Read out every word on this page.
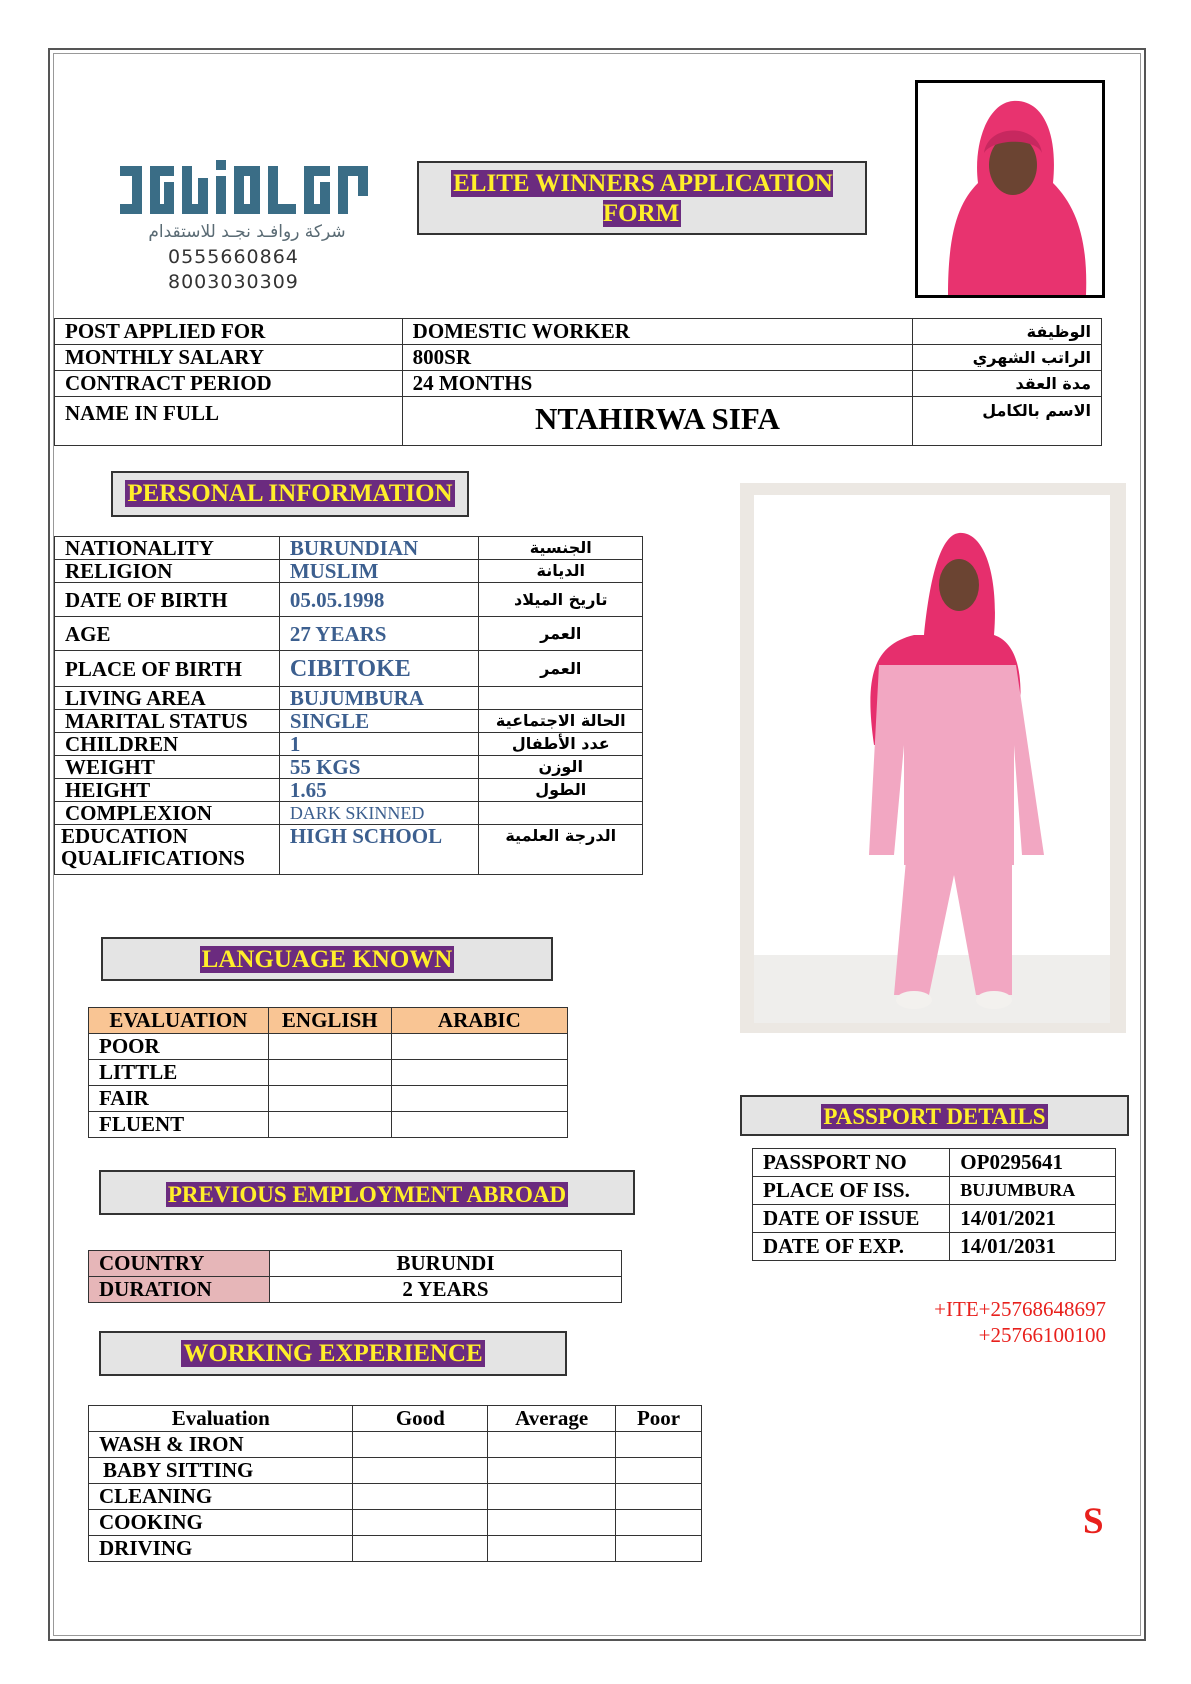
شركة روافـد نجـد للاستقدام
0555660864
8003030309
ELITE WINNERS APPLICATION FORM
POST APPLIED FOR	DOMESTIC WORKER	الوظيفة
MONTHLY SALARY	800SR	الراتب الشهري
CONTRACT PERIOD	24 MONTHS	مدة العقد
NAME IN FULL	NTAHIRWA SIFA	الاسم بالكامل
PERSONAL INFORMATION
NATIONALITY	BURUNDIAN	الجنسية
RELIGION	MUSLIM	الديانة
DATE OF BIRTH	05.05.1998	تاريخ الميلاد
AGE	27 YEARS	العمر
PLACE OF BIRTH	CIBITOKE	العمر
LIVING AREA	BUJUMBURA	
MARITAL STATUS	SINGLE	الحالة الاجتماعية
CHILDREN	1	عدد الأطفال
WEIGHT	55 KGS	الوزن
HEIGHT	1.65	الطول
COMPLEXION	DARK SKINNED	
EDUCATION QUALIFICATIONS	HIGH SCHOOL	الدرجة العلمية
LANGUAGE KNOWN
EVALUATION	ENGLISH	ARABIC
POOR		
LITTLE		
FAIR		
FLUENT		
PREVIOUS EMPLOYMENT ABROAD
COUNTRY	BURUNDI
DURATION	2 YEARS
WORKING EXPERIENCE
Evaluation	Good	Average	Poor
WASH & IRON			
BABY SITTING			
CLEANING			
COOKING			
DRIVING			
PASSPORT DETAILS
PASSPORT NO	OP0295641
PLACE OF ISS.	BUJUMBURA
DATE OF ISSUE	14/01/2021
DATE OF EXP.	14/01/2031
+ITE+25768648697
+25766100100
S
